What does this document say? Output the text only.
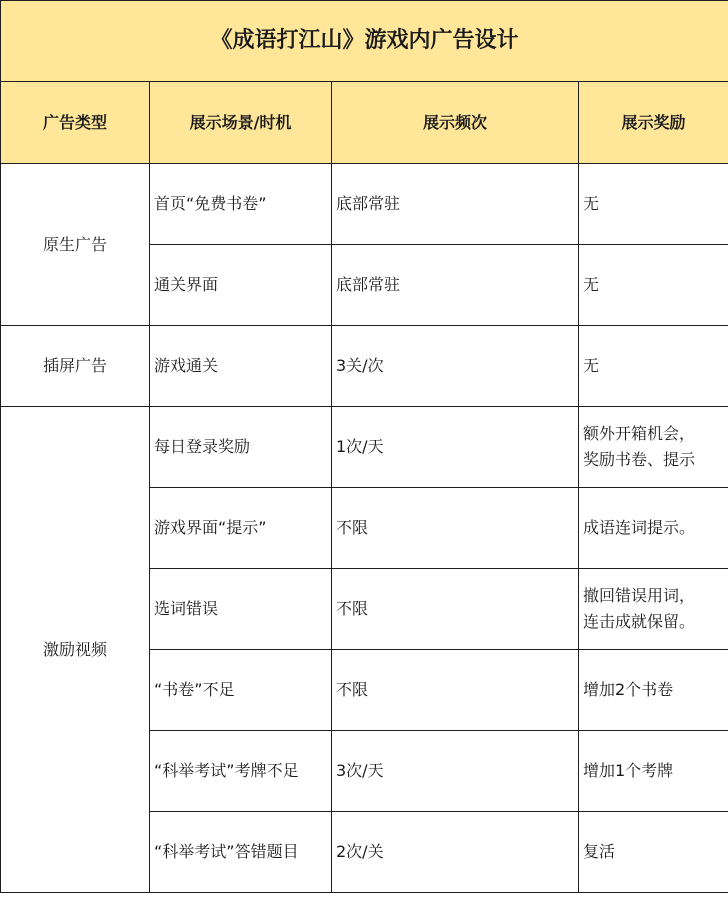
《成语打江山》游戏内广告设计			
广告类型	展示场景/时机	展示频次	展示奖励
原生广告	首页“免费书卷”	底部常驻	无
	通关界面	底部常驻	无
插屏广告	游戏通关	3关/次	无
激励视频	每日登录奖励	1次/天	额外开箱机会，
奖励书卷、提示
	游戏界面“提示”	不限	成语连词提示。
	选词错误	不限	撤回错误用词，
连击成就保留。
	“书卷”不足	不限	增加2个书卷
	“科举考试”考牌不足	3次/天	增加1个考牌
	“科举考试”答错题目	2次/关	复活
